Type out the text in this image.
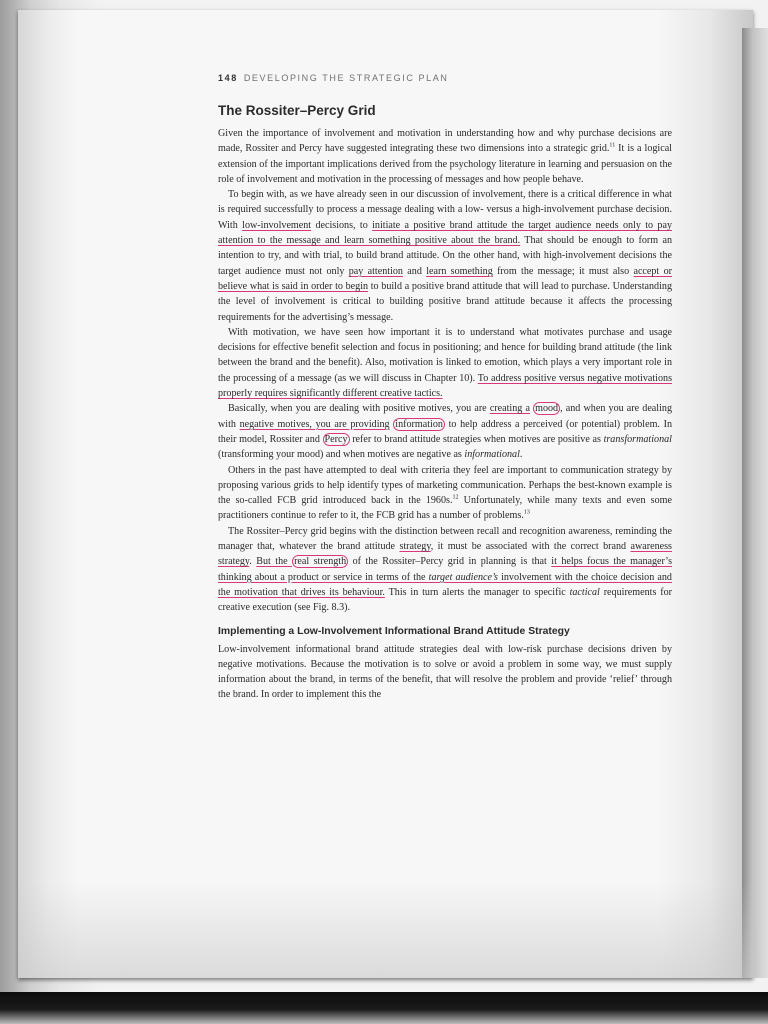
148 DEVELOPING THE STRATEGIC PLAN
The Rossiter–Percy Grid

Given the importance of involvement and motivation in understanding how and why purchase decisions are made, Rossiter and Percy have suggested integrating these two dimensions into a strategic grid.$^{11}$ It is a logical extension of the important implications derived from the psychology literature in learning and persuasion on the role of involvement and motivation in the processing of messages and how people behave.

To begin with, as we have already seen in our discussion of involvement, there is a critical difference in what is required successfully to process a message dealing with a low- versus a high-involvement purchase decision. With low-involvement decisions, to initiate a positive brand attitude the target audience needs only to pay attention to the message and learn something positive about the brand. That should be enough to form an intention to try, and with trial, to build brand attitude. On the other hand, with high-involvement decisions the target audience must not only pay attention and learn something from the message; it must also accept or believe what is said in order to begin to build a positive brand attitude that will lead to purchase. Understanding the level of involvement is critical to building positive brand attitude because it affects the processing requirements for the advertising’s message.

With motivation, we have seen how important it is to understand what motivates purchase and usage decisions for effective benefit selection and focus in positioning; and hence for building brand attitude (the link between the brand and the benefit). Also, motivation is linked to emotion, which plays a very important role in the processing of a message (as we will discuss in Chapter 10). To address positive versus negative motivations properly requires significantly different creative tactics.

Basically, when you are dealing with positive motives, you are creating a mood , and when you are dealing with negative motives, you are providing information to help address a perceived (or potential) problem. In their model, Rossiter and Percy refer to brand attitude strategies when motives are positive as transformational (transforming your mood) and when motives are negative as informational.

Others in the past have attempted to deal with criteria they feel are important to communication strategy by proposing various grids to help identify types of marketing communication. Perhaps the best-known example is the so-called FCB grid introduced back in the 1960s.$^{12}$ Unfortunately, while many texts and even some practitioners continue to refer to it, the FCB grid has a number of problems.$^{13}$

The Rossiter–Percy grid begins with the distinction between recall and recognition awareness, reminding the manager that, whatever the brand attitude strategy, it must be associated with the correct brand awareness strategy. But the real strength of the Rossiter–Percy grid in planning is that it helps focus the manager’s thinking about a product or service in terms of the target audience’s involvement with the choice decision and the motivation that drives its behaviour. This in turn alerts the manager to specific tactical requirements for creative execution (see Fig. 8.3).

Implementing a Low-Involvement Informational Brand Attitude Strategy

Low-involvement informational brand attitude strategies deal with low-risk purchase decisions driven by negative motivations. Because the motivation is to solve or avoid a problem in some way, we must supply information about the brand, in terms of the benefit, that will resolve the problem and provide ‘relief’ through the brand. In order to implement this the
